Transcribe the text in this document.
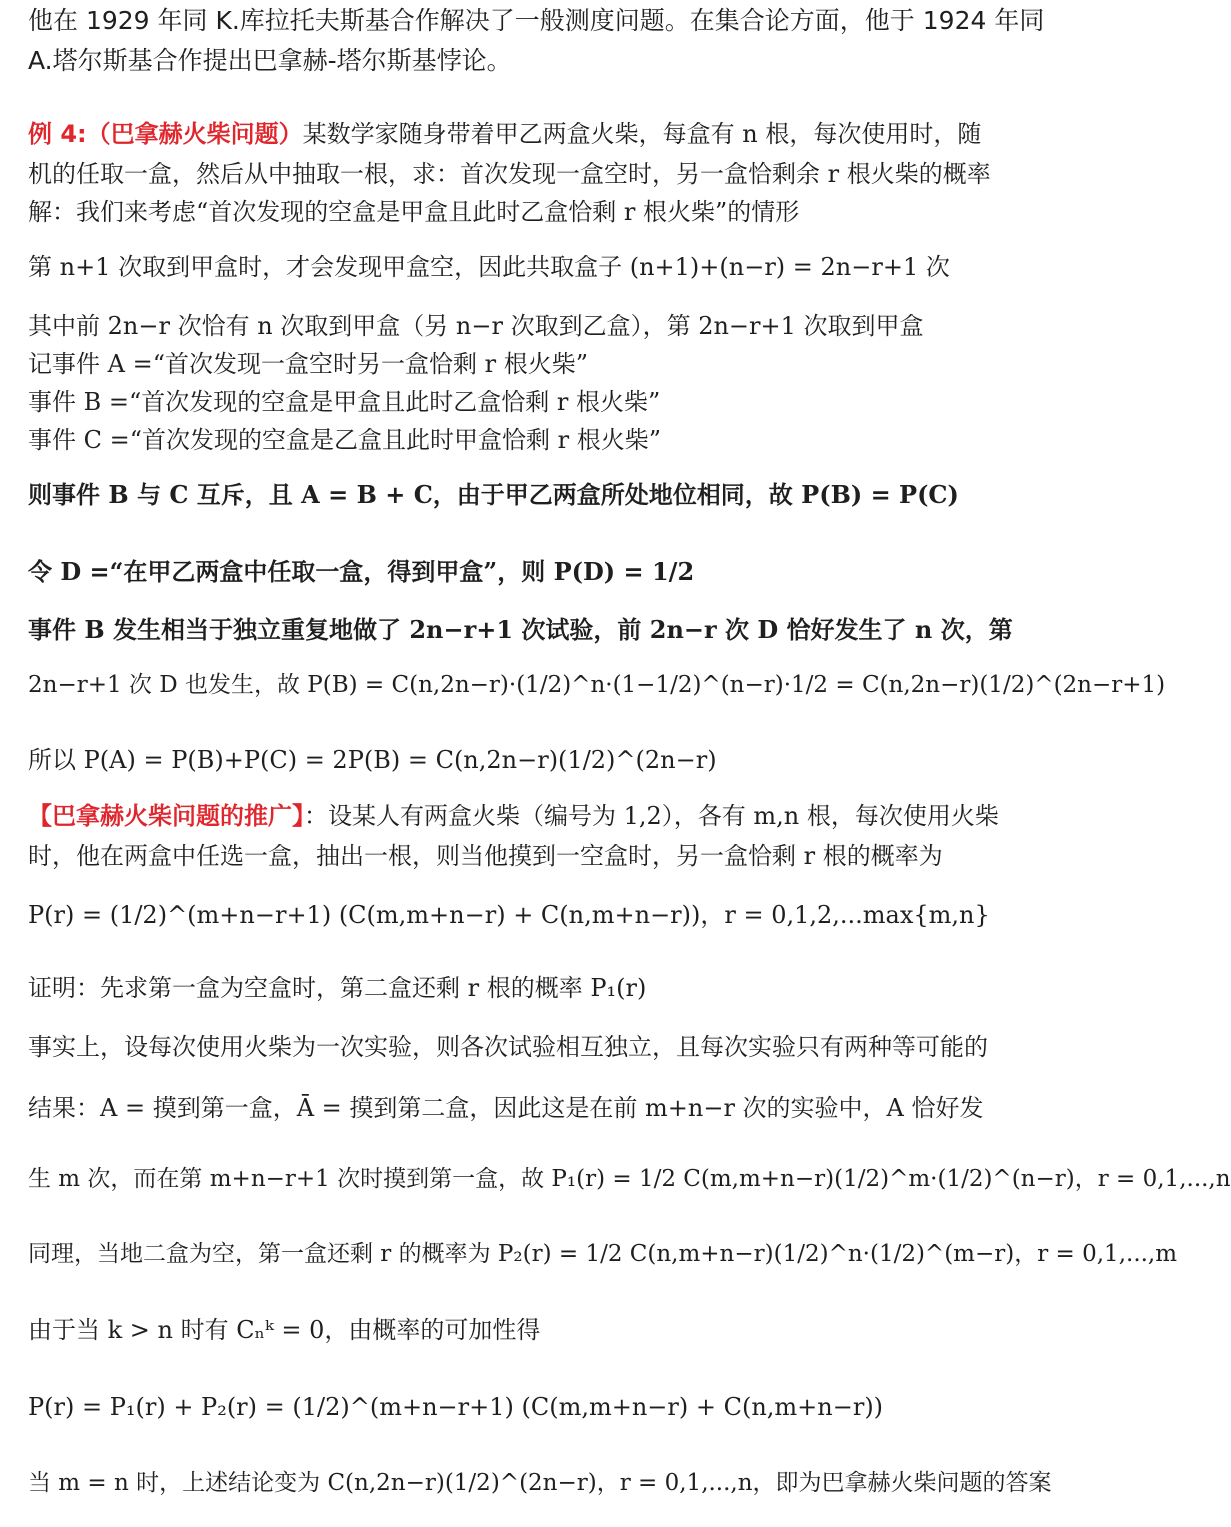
他在 1929 年同 K.库拉托夫斯基合作解决了一般测度问题。在集合论方面，他于 1924 年同
A.塔尔斯基合作提出巴拿赫-塔尔斯基悖论。
例 4:（巴拿赫火柴问题）某数学家随身带着甲乙两盒火柴，每盒有 n 根，每次使用时，随
机的任取一盒，然后从中抽取一根，求：首次发现一盒空时，另一盒恰剩余 r 根火柴的概率
解：我们来考虑“首次发现的空盒是甲盒且此时乙盒恰剩 r 根火柴”的情形
第 n+1 次取到甲盒时，才会发现甲盒空，因此共取盒子 (n+1)+(n−r) = 2n−r+1 次
其中前 2n−r 次恰有 n 次取到甲盒（另 n−r 次取到乙盒），第 2n−r+1 次取到甲盒
记事件 A =“首次发现一盒空时另一盒恰剩 r 根火柴”
事件 B =“首次发现的空盒是甲盒且此时乙盒恰剩 r 根火柴”
事件 C =“首次发现的空盒是乙盒且此时甲盒恰剩 r 根火柴”
则事件 B 与 C 互斥，且 A = B + C，由于甲乙两盒所处地位相同，故 P(B) = P(C)
令 D =“在甲乙两盒中任取一盒，得到甲盒”，则 P(D) = 1/2
事件 B 发生相当于独立重复地做了 2n−r+1 次试验，前 2n−r 次 D 恰好发生了 n 次，第
2n−r+1 次 D 也发生，故 P(B) = C(n,2n−r)·(1/2)^n·(1−1/2)^(n−r)·1/2 = C(n,2n−r)(1/2)^(2n−r+1)
所以 P(A) = P(B)+P(C) = 2P(B) = C(n,2n−r)(1/2)^(2n−r)
【巴拿赫火柴问题的推广】：设某人有两盒火柴（编号为 1,2），各有 m,n 根，每次使用火柴
时，他在两盒中任选一盒，抽出一根，则当他摸到一空盒时，另一盒恰剩 r 根的概率为
P(r) = (1/2)^(m+n−r+1) (C(m,m+n−r) + C(n,m+n−r))，r = 0,1,2,...max{m,n}
证明：先求第一盒为空盒时，第二盒还剩 r 根的概率 P₁(r)
事实上，设每次使用火柴为一次实验，则各次试验相互独立，且每次实验只有两种等可能的
结果：A = 摸到第一盒，Ā = 摸到第二盒，因此这是在前 m+n−r 次的实验中，A 恰好发
生 m 次，而在第 m+n−r+1 次时摸到第一盒，故 P₁(r) = 1/2 C(m,m+n−r)(1/2)^m·(1/2)^(n−r)，r = 0,1,...,n
同理，当地二盒为空，第一盒还剩 r 的概率为 P₂(r) = 1/2 C(n,m+n−r)(1/2)^n·(1/2)^(m−r)，r = 0,1,...,m
由于当 k > n 时有 Cₙᵏ = 0，由概率的可加性得
P(r) = P₁(r) + P₂(r) = (1/2)^(m+n−r+1) (C(m,m+n−r) + C(n,m+n−r))
当 m = n 时，上述结论变为 C(n,2n−r)(1/2)^(2n−r)，r = 0,1,...,n，即为巴拿赫火柴问题的答案
